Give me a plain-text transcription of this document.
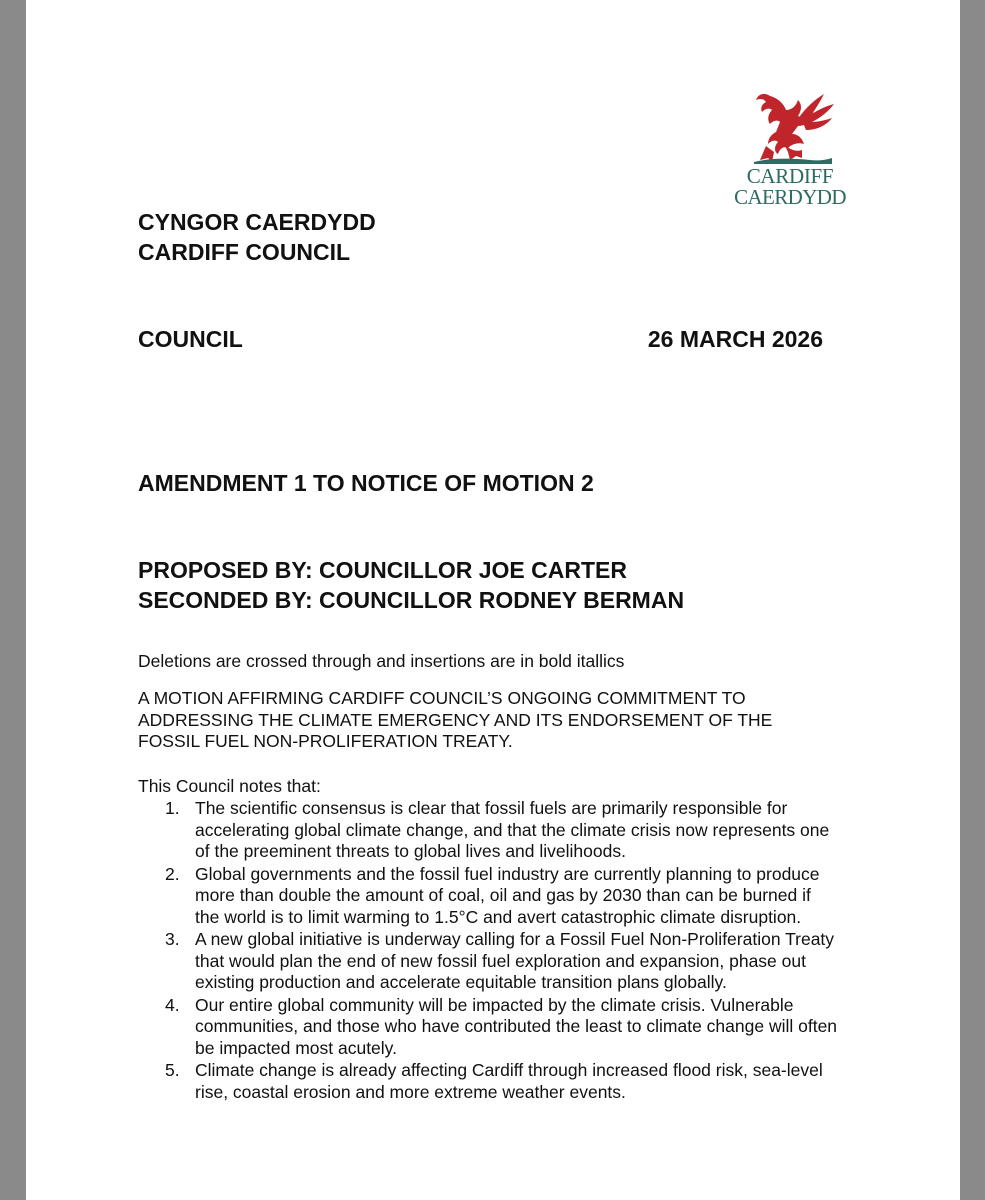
CARDIFF
CAERDYDD
CYNGOR CAERDYDD
CARDIFF COUNCIL
COUNCIL	26 MARCH 2026
AMENDMENT 1 TO NOTICE OF MOTION 2
PROPOSED BY: COUNCILLOR JOE CARTER
SECONDED BY: COUNCILLOR RODNEY BERMAN

Deletions are crossed through and insertions are in bold itallics

A MOTION AFFIRMING CARDIFF COUNCIL’S ONGOING COMMITMENT TO ADDRESSING THE CLIMATE EMERGENCY AND ITS ENDORSEMENT OF THE FOSSIL FUEL NON-PROLIFERATION TREATY.

This Council notes that:

1. The scientific consensus is clear that fossil fuels are primarily responsible for accelerating global climate change, and that the climate crisis now represents one of the preeminent threats to global lives and livelihoods.
2. Global governments and the fossil fuel industry are currently planning to produce more than double the amount of coal, oil and gas by 2030 than can be burned if the world is to limit warming to 1.5°C and avert catastrophic climate disruption.
3. A new global initiative is underway calling for a Fossil Fuel Non-Proliferation Treaty that would plan the end of new fossil fuel exploration and expansion, phase out existing production and accelerate equitable transition plans globally.
4. Our entire global community will be impacted by the climate crisis. Vulnerable communities, and those who have contributed the least to climate change will often be impacted most acutely.
5. Climate change is already affecting Cardiff through increased flood risk, sea-level rise, coastal erosion and more extreme weather events.
